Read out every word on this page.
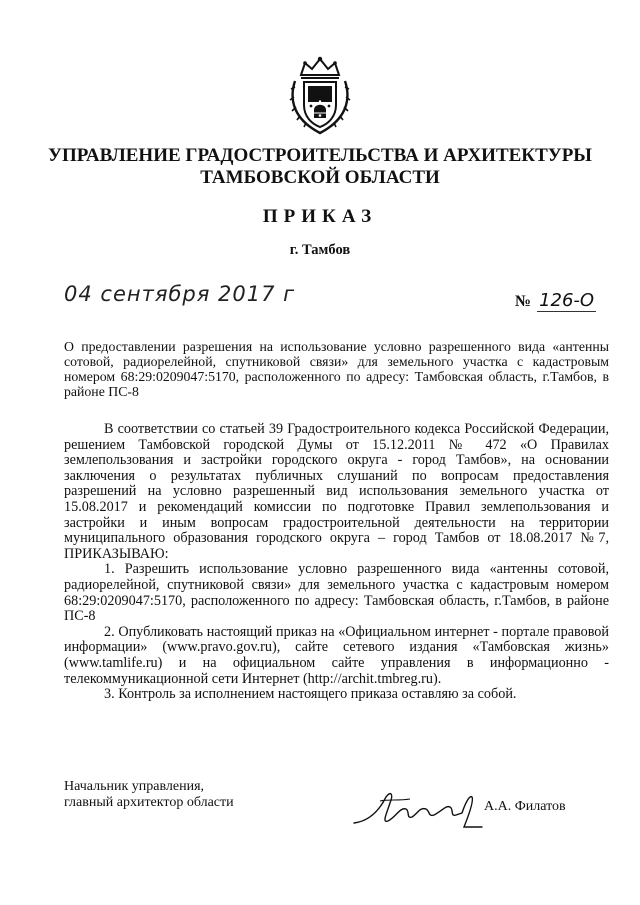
УПРАВЛЕНИЕ ГРАДОСТРОИТЕЛЬСТВА И АРХИТЕКТУРЫ
ТАМБОВСКОЙ ОБЛАСТИ
ПРИКАЗ
г. Тамбов
04 сентября 2017 г	№ 126-О
О предоставлении разрешения на использование условно разрешенного вида «антенны сотовой, радиорелейной, спутниковой связи» для земельного участка с кадастровым номером 68:29:0209047:5170, расположенного по адресу: Тамбовская область, г.Тамбов, в районе ПС-8

В соответствии со статьей 39 Градостроительного кодекса Российской Федерации, решением Тамбовской городской Думы от 15.12.2011 № 472 «О Правилах землепользования и застройки городского округа - город Тамбов», на основании заключения о результатах публичных слушаний по вопросам предоставления разрешений на условно разрешенный вид использования земельного участка от 15.08.2017 и рекомендаций комиссии по подготовке Правил землепользования и застройки и иным вопросам градостроительной деятельности на территории муниципального образования городского округа – город Тамбов от 18.08.2017 №7, ПРИКАЗЫВАЮ:

1. Разрешить использование условно разрешенного вида «антенны сотовой, радиорелейной, спутниковой связи» для земельного участка с кадастровым номером 68:29:0209047:5170, расположенного по адресу: Тамбовская область, г.Тамбов, в районе ПС-8

2. Опубликовать настоящий приказ на «Официальном интернет - портале правовой информации» (www.pravo.gov.ru), сайте сетевого издания «Тамбовская жизнь» (www.tamlife.ru) и на официальном сайте управления в информационно - телекоммуникационной сети Интернет (http://archit.tmbreg.ru).

3. Контроль за исполнением настоящего приказа оставляю за собой.

Начальник управления,
главный архитектор области	А.А. Филатов
